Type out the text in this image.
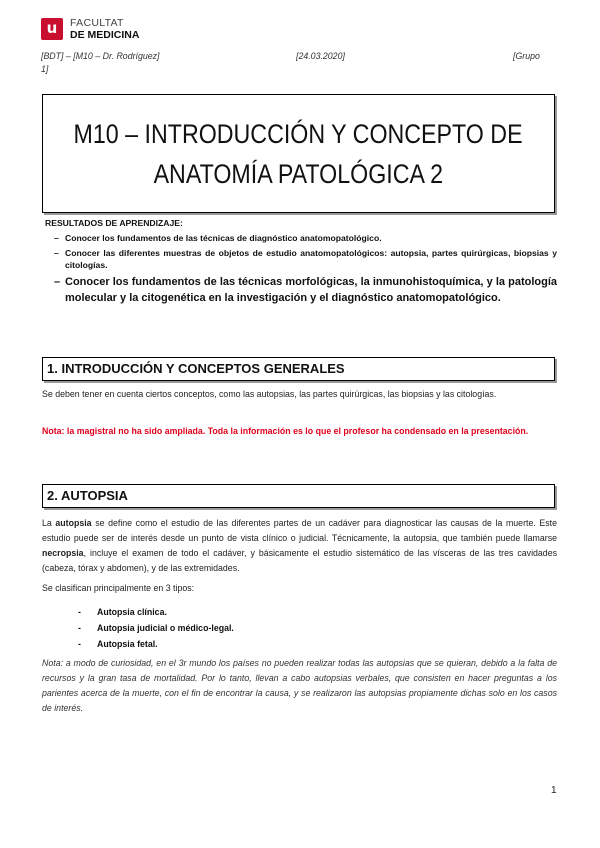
u	FACULTAT
DE MEDICINA
[BDT] – [M10 – Dr. Rodríguez]	[24.03.2020]	[Grupo
1]
M10 – INTRODUCCIÓN Y CONCEPTO DE
ANATOMÍA PATOLÓGICA 2
RESULTADOS DE APRENDIZAJE:
– Conocer los fundamentos de las técnicas de diagnóstico anatomopatológico.
– Conocer las diferentes muestras de objetos de estudio anatomopatológicos: autopsia, partes quirúrgicas, biopsias y citologías.
– Conocer los fundamentos de las técnicas morfológicas, la inmunohistoquímica, y la patología molecular y la citogenética en la investigación y el diagnóstico anatomopatológico.
1. INTRODUCCIÓN Y CONCEPTOS GENERALES
Se deben tener en cuenta ciertos conceptos, como las autopsias, las partes quirúrgicas, las biopsias y las citologías.
Nota: la magistral no ha sido ampliada. Toda la información es lo que el profesor ha condensado en la presentación.
2. AUTOPSIA
La autopsia se define como el estudio de las diferentes partes de un cadáver para diagnosticar las causas de la muerte. Este estudio puede ser de interés desde un punto de vista clínico o judicial. Técnicamente, la autopsia, que también puede llamarse necropsia, incluye el examen de todo el cadáver, y básicamente el estudio sistemático de las vísceras de las tres cavidades (cabeza, tórax y abdomen), y de las extremidades.
Se clasifican principalmente en 3 tipos:
- Autopsia clínica.
- Autopsia judicial o médico-legal.
- Autopsia fetal.
Nota: a modo de curiosidad, en el 3r mundo los países no pueden realizar todas las autopsias que se quieran, debido a la falta de recursos y la gran tasa de mortalidad. Por lo tanto, llevan a cabo autopsias verbales, que consisten en hacer preguntas a los parientes acerca de la muerte, con el fin de encontrar la causa, y se realizaron las autopsias propiamente dichas solo en los casos de interés.
1
